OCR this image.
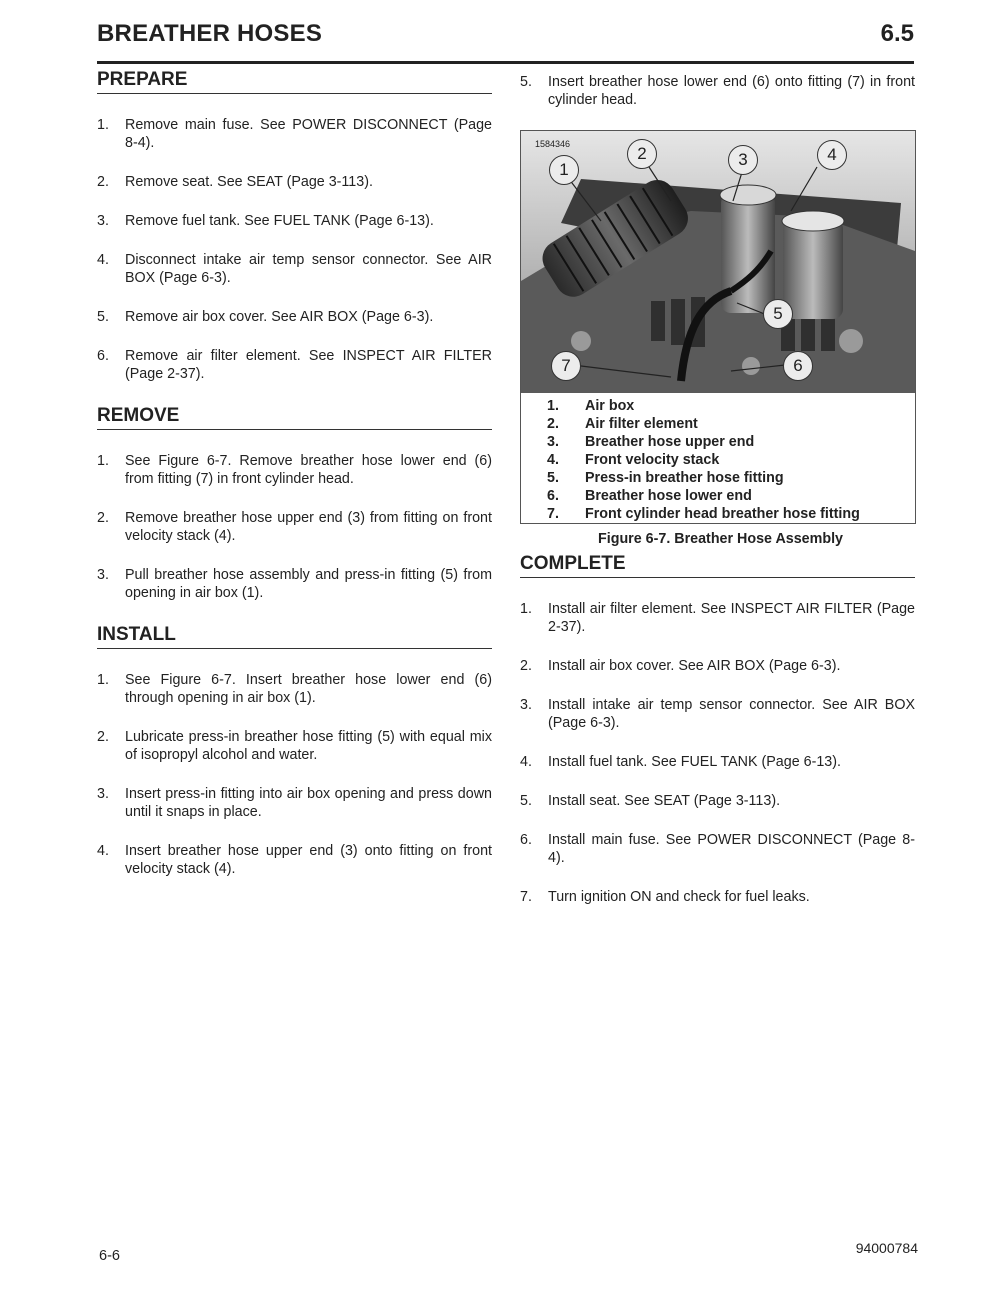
BREATHER HOSES	6.5
PREPARE
1. Remove main fuse. See POWER DISCONNECT (Page 8-4).
2. Remove seat. See SEAT (Page 3-113).
3. Remove fuel tank. See FUEL TANK (Page 6-13).
4. Disconnect intake air temp sensor connector. See AIR BOX (Page 6-3).
5. Remove air box cover. See AIR BOX (Page 6-3).
6. Remove air filter element. See INSPECT AIR FILTER (Page 2-37).
REMOVE
1. See Figure 6-7. Remove breather hose lower end (6) from fitting (7) in front cylinder head.
2. Remove breather hose upper end (3) from fitting on front velocity stack (4).
3. Pull breather hose assembly and press-in fitting (5) from opening in air box (1).
INSTALL
1. See Figure 6-7. Insert breather hose lower end (6) through opening in air box (1).
2. Lubricate press-in breather hose fitting (5) with equal mix of isopropyl alcohol and water.
3. Insert press-in fitting into air box opening and press down until it snaps in place.
4. Insert breather hose upper end (3) onto fitting on front velocity stack (4).
5. Insert breather hose lower end (6) onto fitting (7) in front cylinder head.
1584346
1
2	3	4
5
6
7
1.	Air box
2.	Air filter element
3.	Breather hose upper end
4.	Front velocity stack
5.	Press-in breather hose fitting
6.	Breather hose lower end
7.	Front cylinder head breather hose fitting
Figure 6-7. Breather Hose Assembly
COMPLETE
1. Install air filter element. See INSPECT AIR FILTER (Page 2-37).
2. Install air box cover. See AIR BOX (Page 6-3).
3. Install intake air temp sensor connector. See AIR BOX (Page 6-3).
4. Install fuel tank. See FUEL TANK (Page 6-13).
5. Install seat. See SEAT (Page 3-113).
6. Install main fuse. See POWER DISCONNECT (Page 8-4).
7. Turn ignition ON and check for fuel leaks.
6-6	94000784
